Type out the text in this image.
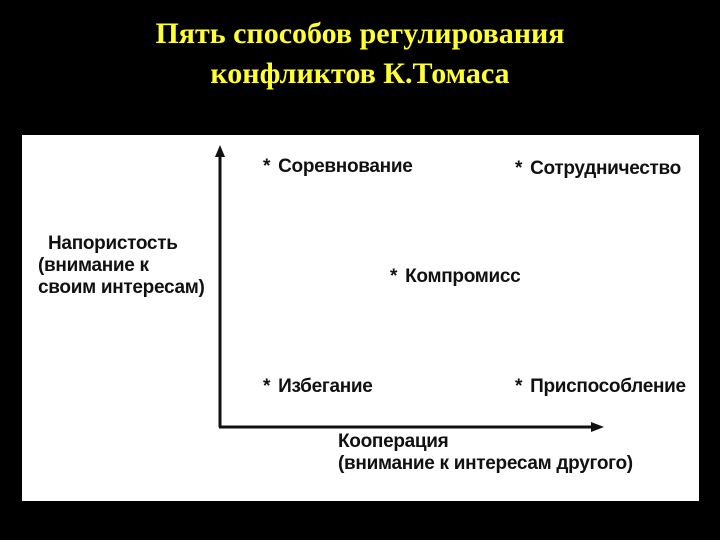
Пять способов регулирования
конфликтов К.Томаса
Напористость
(внимание к
своим интересам)
Кооперация
(внимание к интересам другого)
* Соревнование	* Сотрудничество
* Компромисс
* Избегание	* Приспособление
